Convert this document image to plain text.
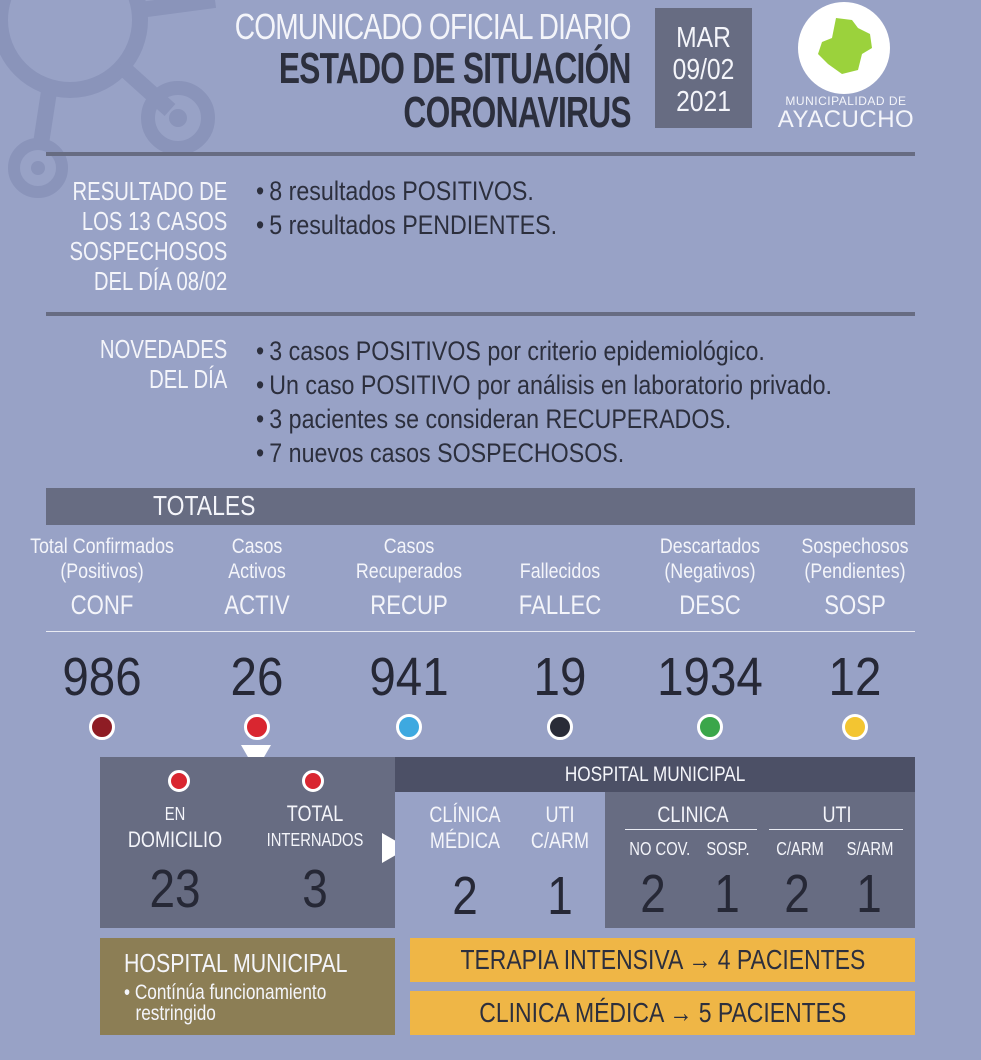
COMUNICADO OFICIAL DIARIO
ESTADO DE SITUACIÓN
CORONAVIRUS
MAR
09/02
2021	MUNICIPALIDAD DE
AYACUCHO
RESULTADO DE
LOS 13 CASOS
SOSPECHOSOS
DEL DÍA 08/02
• 8 resultados POSITIVOS.
• 5 resultados PENDIENTES.
NOVEDADES
DEL DÍA
• 3 casos POSITIVOS por criterio epidemiológico.
• Un caso POSITIVO por análisis en laboratorio privado.
• 3 pacientes se consideran RECUPERADOS.
• 7 nuevos casos SOSPECHOSOS.
TOTALES
Total Confirmados
(Positivos)
CONF
986
Casos
Activos
ACTIV
26
Casos
Recuperados
RECUP
941
Fallecidos
FALLEC
19
Descartados
(Negativos)
DESC
1934
Sospechosos
(Pendientes)
SOSP
12
EN
DOMICILIO
23
TOTAL
INTERNADOS
3
HOSPITAL MUNICIPAL
CLÍNICA
MÉDICA
2
UTI
C/ARM
1
CLINICA
NO COV. SOSP.
2 1
UTI
C/ARM S/ARM
2 1
HOSPITAL MUNICIPAL
• Contínúa funcionamiento
restringido
TERAPIA INTENSIVA → 4 PACIENTES
CLINICA MÉDICA → 5 PACIENTES
